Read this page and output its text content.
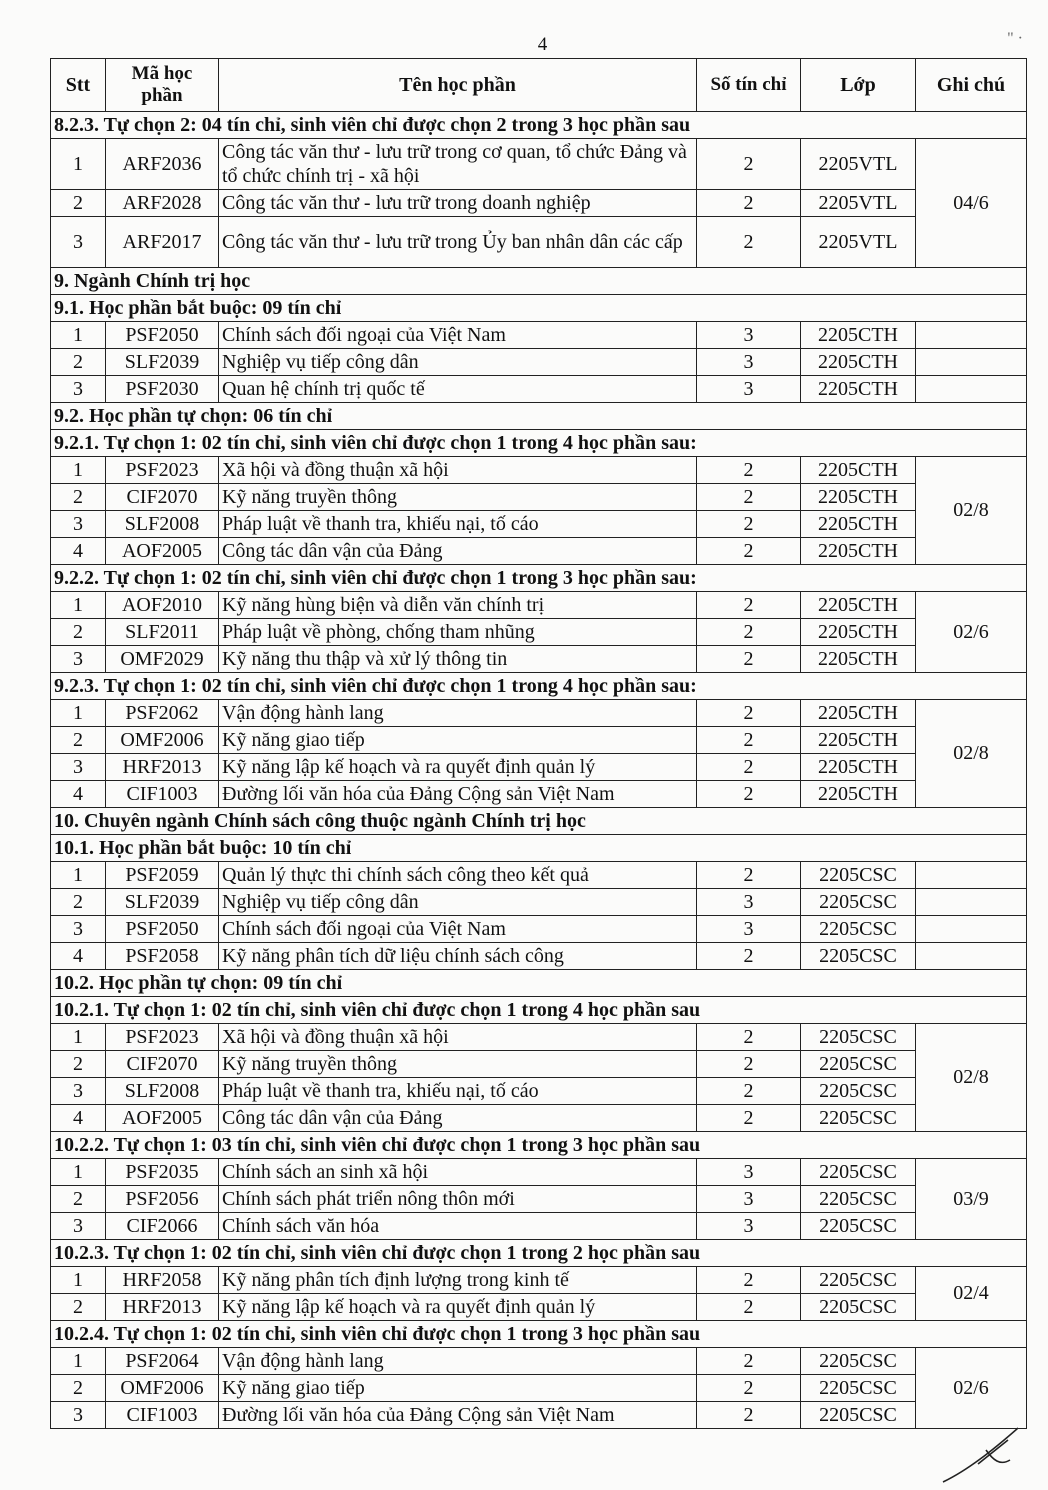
4	" ·
Stt	Mã học phần	Tên học phần	Số tín chỉ	Lớp	Ghi chú
8.2.3. Tự chọn 2: 04 tín chỉ, sinh viên chỉ được chọn 2 trong 3 học phần sau					
1	ARF2036	Công tác văn thư - lưu trữ trong cơ quan, tổ chức Đảng và tổ chức chính trị - xã hội	2	2205VTL	04/6
2	ARF2028	Công tác văn thư - lưu trữ trong doanh nghiệp	2	2205VTL	
3	ARF2017	Công tác văn thư - lưu trữ trong Ủy ban nhân dân các cấp	2	2205VTL	
9. Ngành Chính trị học					
9.1. Học phần bắt buộc: 09 tín chỉ					
1	PSF2050	Chính sách đối ngoại của Việt Nam	3	2205CTH	
2	SLF2039	Nghiệp vụ tiếp công dân	3	2205CTH	
3	PSF2030	Quan hệ chính trị quốc tế	3	2205CTH	
9.2. Học phần tự chọn: 06 tín chỉ					
9.2.1. Tự chọn 1: 02 tín chỉ, sinh viên chỉ được chọn 1 trong 4 học phần sau:					
1	PSF2023	Xã hội và đồng thuận xã hội	2	2205CTH	02/8
2	CIF2070	Kỹ năng truyền thông	2	2205CTH	
3	SLF2008	Pháp luật về thanh tra, khiếu nại, tố cáo	2	2205CTH	
4	AOF2005	Công tác dân vận của Đảng	2	2205CTH	
9.2.2. Tự chọn 1: 02 tín chỉ, sinh viên chỉ được chọn 1 trong 3 học phần sau:					
1	AOF2010	Kỹ năng hùng biện và diễn văn chính trị	2	2205CTH	02/6
2	SLF2011	Pháp luật về phòng, chống tham nhũng	2	2205CTH	
3	OMF2029	Kỹ năng thu thập và xử lý thông tin	2	2205CTH	
9.2.3. Tự chọn 1: 02 tín chỉ, sinh viên chỉ được chọn 1 trong 4 học phần sau:					
1	PSF2062	Vận động hành lang	2	2205CTH	02/8
2	OMF2006	Kỹ năng giao tiếp	2	2205CTH	
3	HRF2013	Kỹ năng lập kế hoạch và ra quyết định quản lý	2	2205CTH	
4	CIF1003	Đường lối văn hóa của Đảng Cộng sản Việt Nam	2	2205CTH	
10. Chuyên ngành Chính sách công thuộc ngành Chính trị học					
10.1. Học phần bắt buộc: 10 tín chỉ					
1	PSF2059	Quản lý thực thi chính sách công theo kết quả	2	2205CSC	
2	SLF2039	Nghiệp vụ tiếp công dân	3	2205CSC	
3	PSF2050	Chính sách đối ngoại của Việt Nam	3	2205CSC	
4	PSF2058	Kỹ năng phân tích dữ liệu chính sách công	2	2205CSC	
10.2. Học phần tự chọn: 09 tín chỉ					
10.2.1. Tự chọn 1: 02 tín chỉ, sinh viên chỉ được chọn 1 trong 4 học phần sau					
1	PSF2023	Xã hội và đồng thuận xã hội	2	2205CSC	02/8
2	CIF2070	Kỹ năng truyền thông	2	2205CSC	
3	SLF2008	Pháp luật về thanh tra, khiếu nại, tố cáo	2	2205CSC	
4	AOF2005	Công tác dân vận của Đảng	2	2205CSC	
10.2.2. Tự chọn 1: 03 tín chỉ, sinh viên chỉ được chọn 1 trong 3 học phần sau					
1	PSF2035	Chính sách an sinh xã hội	3	2205CSC	03/9
2	PSF2056	Chính sách phát triển nông thôn mới	3	2205CSC	
3	CIF2066	Chính sách văn hóa	3	2205CSC	
10.2.3. Tự chọn 1: 02 tín chỉ, sinh viên chỉ được chọn 1 trong 2 học phần sau					
1	HRF2058	Kỹ năng phân tích định lượng trong kinh tế	2	2205CSC	02/4
2	HRF2013	Kỹ năng lập kế hoạch và ra quyết định quản lý	2	2205CSC	
10.2.4. Tự chọn 1: 02 tín chỉ, sinh viên chỉ được chọn 1 trong 3 học phần sau					
1	PSF2064	Vận động hành lang	2	2205CSC	02/6
2	OMF2006	Kỹ năng giao tiếp	2	2205CSC	
3	CIF1003	Đường lối văn hóa của Đảng Cộng sản Việt Nam	2	2205CSC	
